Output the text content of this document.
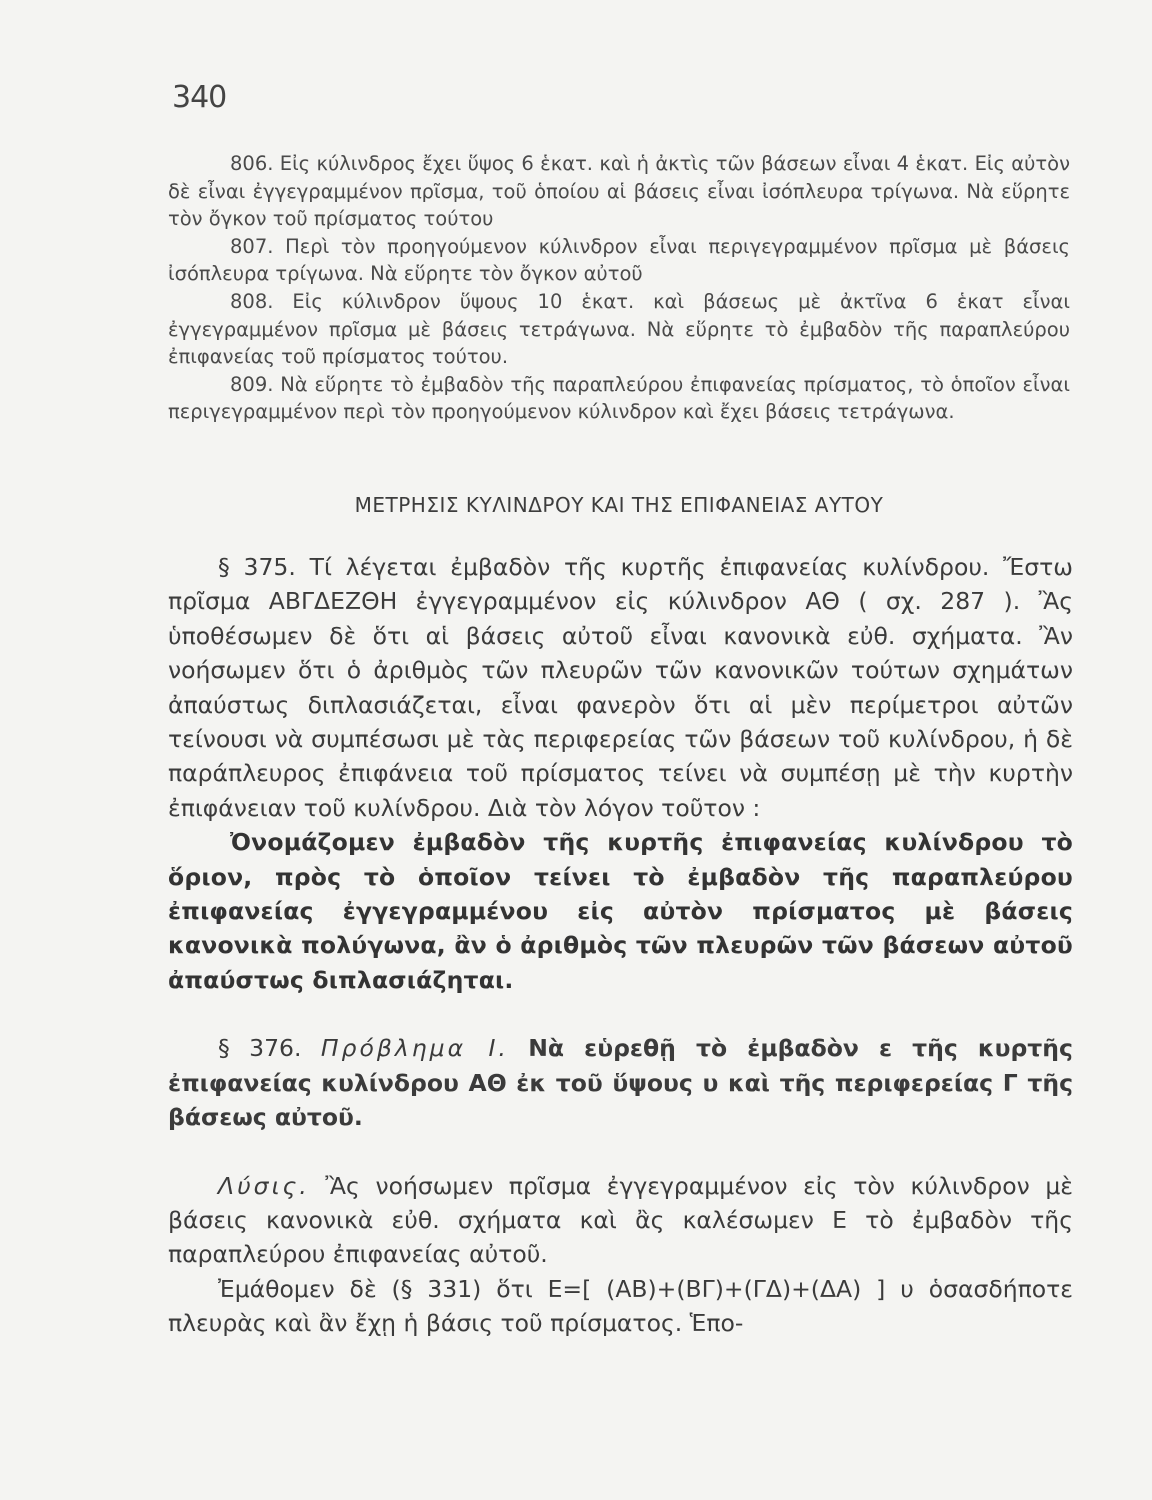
340

806. Εἰς κύλινδρος ἔχει ὕψος 6 ἑκατ. καὶ ἡ ἀκτὶς τῶν βάσεων εἶναι 4 ἑκατ. Εἰς αὐτὸν δὲ εἶναι ἐγγεγραμμένον πρῖσμα, τοῦ ὁποίου αἱ βάσεις εἶναι ἰσόπλευρα τρίγωνα. Νὰ εὕρητε τὸν ὄγκον τοῦ πρίσματος τούτου

807. Περὶ τὸν προηγούμενον κύλινδρον εἶναι περιγεγραμμένον πρῖσμα μὲ βάσεις ἰσόπλευρα τρίγωνα. Νὰ εὕρητε τὸν ὄγκον αὐτοῦ

808. Εἰς κύλινδρον ὕψους 10 ἑκατ. καὶ βάσεως μὲ ἀκτῖνα 6 ἑκατ εἶναι ἐγγεγραμμένον πρῖσμα μὲ βάσεις τετράγωνα. Νὰ εὕρητε τὸ ἐμβαδὸν τῆς παραπλεύρου ἐπιφανείας τοῦ πρίσματος τούτου.

809. Νὰ εὕρητε τὸ ἐμβαδὸν τῆς παραπλεύρου ἐπιφανείας πρίσματος, τὸ ὁποῖον εἶναι περιγεγραμμένον περὶ τὸν προηγούμενον κύλινδρον καὶ ἔχει βάσεις τετράγωνα.

ΜΕΤΡΗΣΙΣ ΚΥΛΙΝΔΡΟΥ ΚΑΙ ΤΗΣ ΕΠΙΦΑΝΕΙΑΣ ΑΥΤΟΥ

§ 375. Τί λέγεται ἐμβαδὸν τῆς κυρτῆς ἐπιφανείας κυλίνδρου. Ἔστω πρῖσμα ΑΒΓΔΕΖΘΗ ἐγγεγραμμένον εἰς κύλινδρον ΑΘ ( σχ. 287 ). Ἂς ὑποθέσωμεν δὲ ὅτι αἱ βάσεις αὐτοῦ εἶναι κανονικὰ εὐθ. σχήματα. Ἂν νοήσωμεν ὅτι ὁ ἀριθμὸς τῶν πλευρῶν τῶν κανονικῶν τούτων σχημάτων ἀπαύστως διπλασιάζεται, εἶναι φανερὸν ὅτι αἱ μὲν περίμετροι αὐτῶν τείνουσι νὰ συμπέσωσι μὲ τὰς περιφερείας τῶν βάσεων τοῦ κυλίνδρου, ἡ δὲ παράπλευρος ἐπιφάνεια τοῦ πρίσματος τείνει νὰ συμπέσῃ μὲ τὴν κυρτὴν ἐπιφάνειαν τοῦ κυλίνδρου. Διὰ τὸν λόγον τοῦτον :

Ὀνομάζομεν ἐμβαδὸν τῆς κυρτῆς ἐπιφανείας κυλίνδρου τὸ ὅριον, πρὸς τὸ ὁποῖον τείνει τὸ ἐμβαδὸν τῆς παραπλεύρου ἐπιφανείας ἐγγεγραμμένου εἰς αὐτὸν πρίσματος μὲ βάσεις κανονικὰ πολύγωνα, ἂν ὁ ἀριθμὸς τῶν πλευρῶν τῶν βάσεων αὐτοῦ ἀπαύστως διπλασιάζηται.

§ 376. Πρόβλημα Ι. Νὰ εὑρεθῇ τὸ ἐμβαδὸν ε τῆς κυρτῆς ἐπιφανείας κυλίνδρου ΑΘ ἐκ τοῦ ὕψους υ καὶ τῆς περιφερείας Γ τῆς βάσεως αὐτοῦ.

Λύσις. Ἂς νοήσωμεν πρῖσμα ἐγγεγραμμένον εἰς τὸν κύλινδρον μὲ βάσεις κανονικὰ εὐθ. σχήματα καὶ ἂς καλέσωμεν Ε τὸ ἐμβαδὸν τῆς παραπλεύρου ἐπιφανείας αὐτοῦ.

Ἐμάθομεν δὲ (§ 331) ὅτι Ε=[ (ΑΒ)+(ΒΓ)+(ΓΔ)+(ΔΑ) ] υ ὁσασδήποτε πλευρὰς καὶ ἂν ἔχῃ ἡ βάσις τοῦ πρίσματος. Ἑπο-
